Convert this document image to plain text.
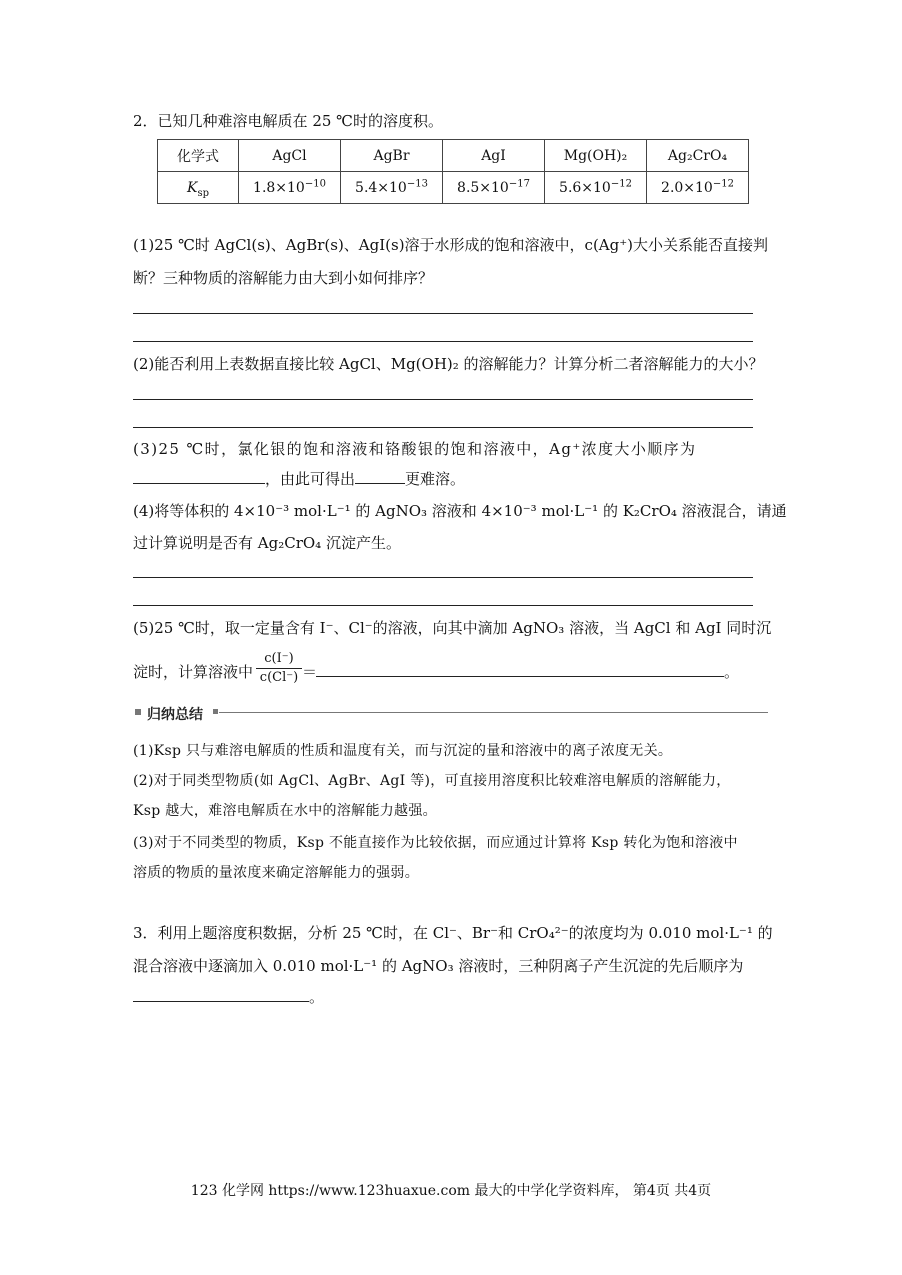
2．已知几种难溶电解质在 25 ℃时的溶度积。
化学式	AgCl	AgBr	AgI	Mg(OH)₂	Ag₂CrO₄
$K_{sp}$	$1.8\times 10^{-10}$	$5.4\times 10^{-13}$	$8.5\times 10^{-17}$	$5.6\times 10^{-12}$	$2.0\times 10^{-12}$
(1)25 ℃时 AgCl(s)、AgBr(s)、AgI(s)溶于水形成的饱和溶液中，c(Ag⁺)大小关系能否直接判
断？三种物质的溶解能力由大到小如何排序？
(2)能否利用上表数据直接比较 AgCl、Mg(OH)₂ 的溶解能力？计算分析二者溶解能力的大小？
(3)25 ℃时，氯化银的饱和溶液和铬酸银的饱和溶液中，Ag⁺浓度大小顺序为
，由此可得出	更难溶。
(4)将等体积的 4×10⁻³ mol·L⁻¹ 的 AgNO₃ 溶液和 4×10⁻³ mol·L⁻¹ 的 K₂CrO₄ 溶液混合，请通
过计算说明是否有 Ag₂CrO₄ 沉淀产生。
(5)25 ℃时，取一定量含有 I⁻、Cl⁻的溶液，向其中滴加 AgNO₃ 溶液，当 AgCl 和 AgI 同时沉
淀时，计算溶液中 $\frac{c(I^-)}{c(Cl^-)}$ ＝	。
归纳总结
(1)Ksp 只与难溶电解质的性质和温度有关，而与沉淀的量和溶液中的离子浓度无关。
(2)对于同类型物质(如 AgCl、AgBr、AgI 等)，可直接用溶度积比较难溶电解质的溶解能力，
Ksp 越大，难溶电解质在水中的溶解能力越强。
(3)对于不同类型的物质，Ksp 不能直接作为比较依据，而应通过计算将 Ksp 转化为饱和溶液中
溶质的物质的量浓度来确定溶解能力的强弱。
3．利用上题溶度积数据，分析 25 ℃时，在 Cl⁻、Br⁻和 CrO₄²⁻的浓度均为 0.010 mol·L⁻¹ 的
混合溶液中逐滴加入 0.010 mol·L⁻¹ 的 AgNO₃ 溶液时，三种阴离子产生沉淀的先后顺序为
。
123 化学网 https://www.123huaxue.com 最大的中学化学资料库， 第4页 共4页
